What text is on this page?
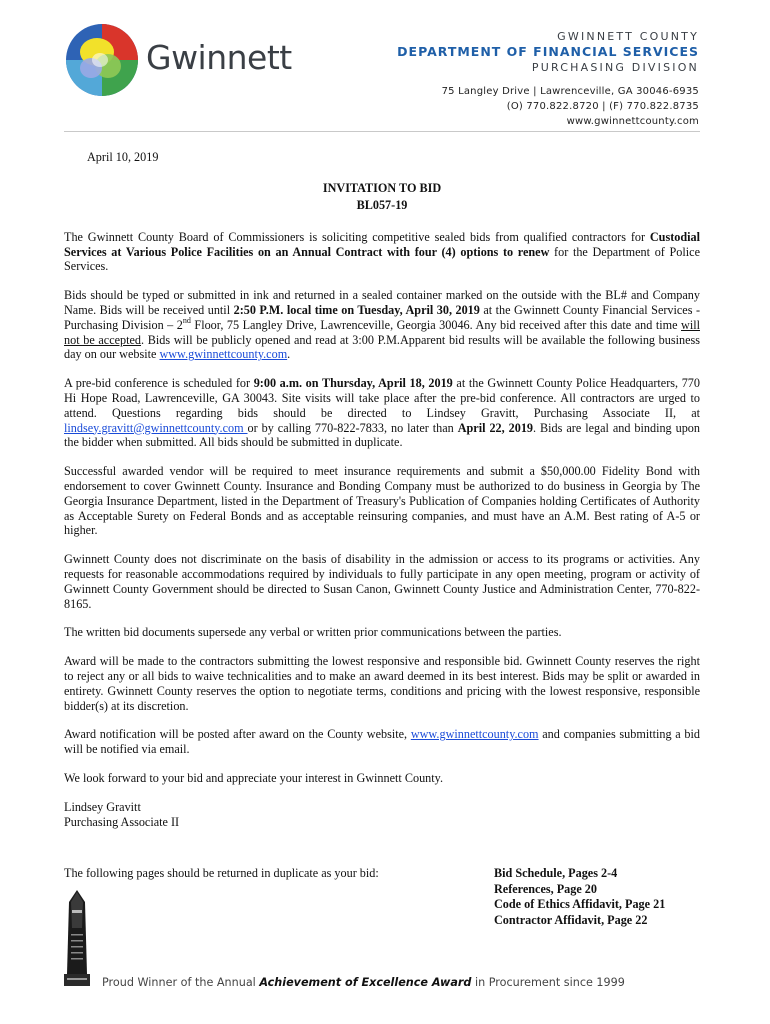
Gwinnett
GWINNETT COUNTY
DEPARTMENT OF FINANCIAL SERVICES
PURCHASING DIVISION
75 Langley Drive | Lawrenceville, GA 30046-6935
(O) 770.822.8720 | (F) 770.822.8735
www.gwinnettcounty.com
April 10, 2019
INVITATION TO BID
BL057-19

The Gwinnett County Board of Commissioners is soliciting competitive sealed bids from qualified contractors for Custodial Services at Various Police Facilities on an Annual Contract with four (4) options to renew for the Department of Police Services.

Bids should be typed or submitted in ink and returned in a sealed container marked on the outside with the BL# and Company Name. Bids will be received until 2:50 P.M. local time on Tuesday, April 30, 2019 at the Gwinnett County Financial Services - Purchasing Division – 2nd Floor, 75 Langley Drive, Lawrenceville, Georgia 30046. Any bid received after this date and time will not be accepted. Bids will be publicly opened and read at 3:00 P.M.Apparent bid results will be available the following business day on our website www.gwinnettcounty.com.

A pre-bid conference is scheduled for 9:00 a.m. on Thursday, April 18, 2019 at the Gwinnett County Police Headquarters, 770 Hi Hope Road, Lawrenceville, GA 30043. Site visits will take place after the pre-bid conference. All contractors are urged to attend. Questions regarding bids should be directed to Lindsey Gravitt, Purchasing Associate II, at lindsey.gravitt@gwinnettcounty.com or by calling 770-822-7833, no later than April 22, 2019. Bids are legal and binding upon the bidder when submitted. All bids should be submitted in duplicate.

Successful awarded vendor will be required to meet insurance requirements and submit a $50,000.00 Fidelity Bond with endorsement to cover Gwinnett County. Insurance and Bonding Company must be authorized to do business in Georgia by The Georgia Insurance Department, listed in the Department of Treasury's Publication of Companies holding Certificates of Authority as Acceptable Surety on Federal Bonds and as acceptable reinsuring companies, and must have an A.M. Best rating of A-5 or higher.

Gwinnett County does not discriminate on the basis of disability in the admission or access to its programs or activities. Any requests for reasonable accommodations required by individuals to fully participate in any open meeting, program or activity of Gwinnett County Government should be directed to Susan Canon, Gwinnett County Justice and Administration Center, 770-822-8165.

The written bid documents supersede any verbal or written prior communications between the parties.

Award will be made to the contractors submitting the lowest responsive and responsible bid. Gwinnett County reserves the right to reject any or all bids to waive technicalities and to make an award deemed in its best interest. Bids may be split or awarded in entirety. Gwinnett County reserves the option to negotiate terms, conditions and pricing with the lowest responsive, responsible bidder(s) at its discretion.

Award notification will be posted after award on the County website, www.gwinnettcounty.com and companies submitting a bid will be notified via email.

We look forward to your bid and appreciate your interest in Gwinnett County.

Lindsey Gravitt
Purchasing Associate II

The following pages should be returned in duplicate as your bid:	Bid Schedule, Pages 2-4
References, Page 20
Code of Ethics Affidavit, Page 21
Contractor Affidavit, Page 22
Proud Winner of the Annual Achievement of Excellence Award in Procurement since 1999
